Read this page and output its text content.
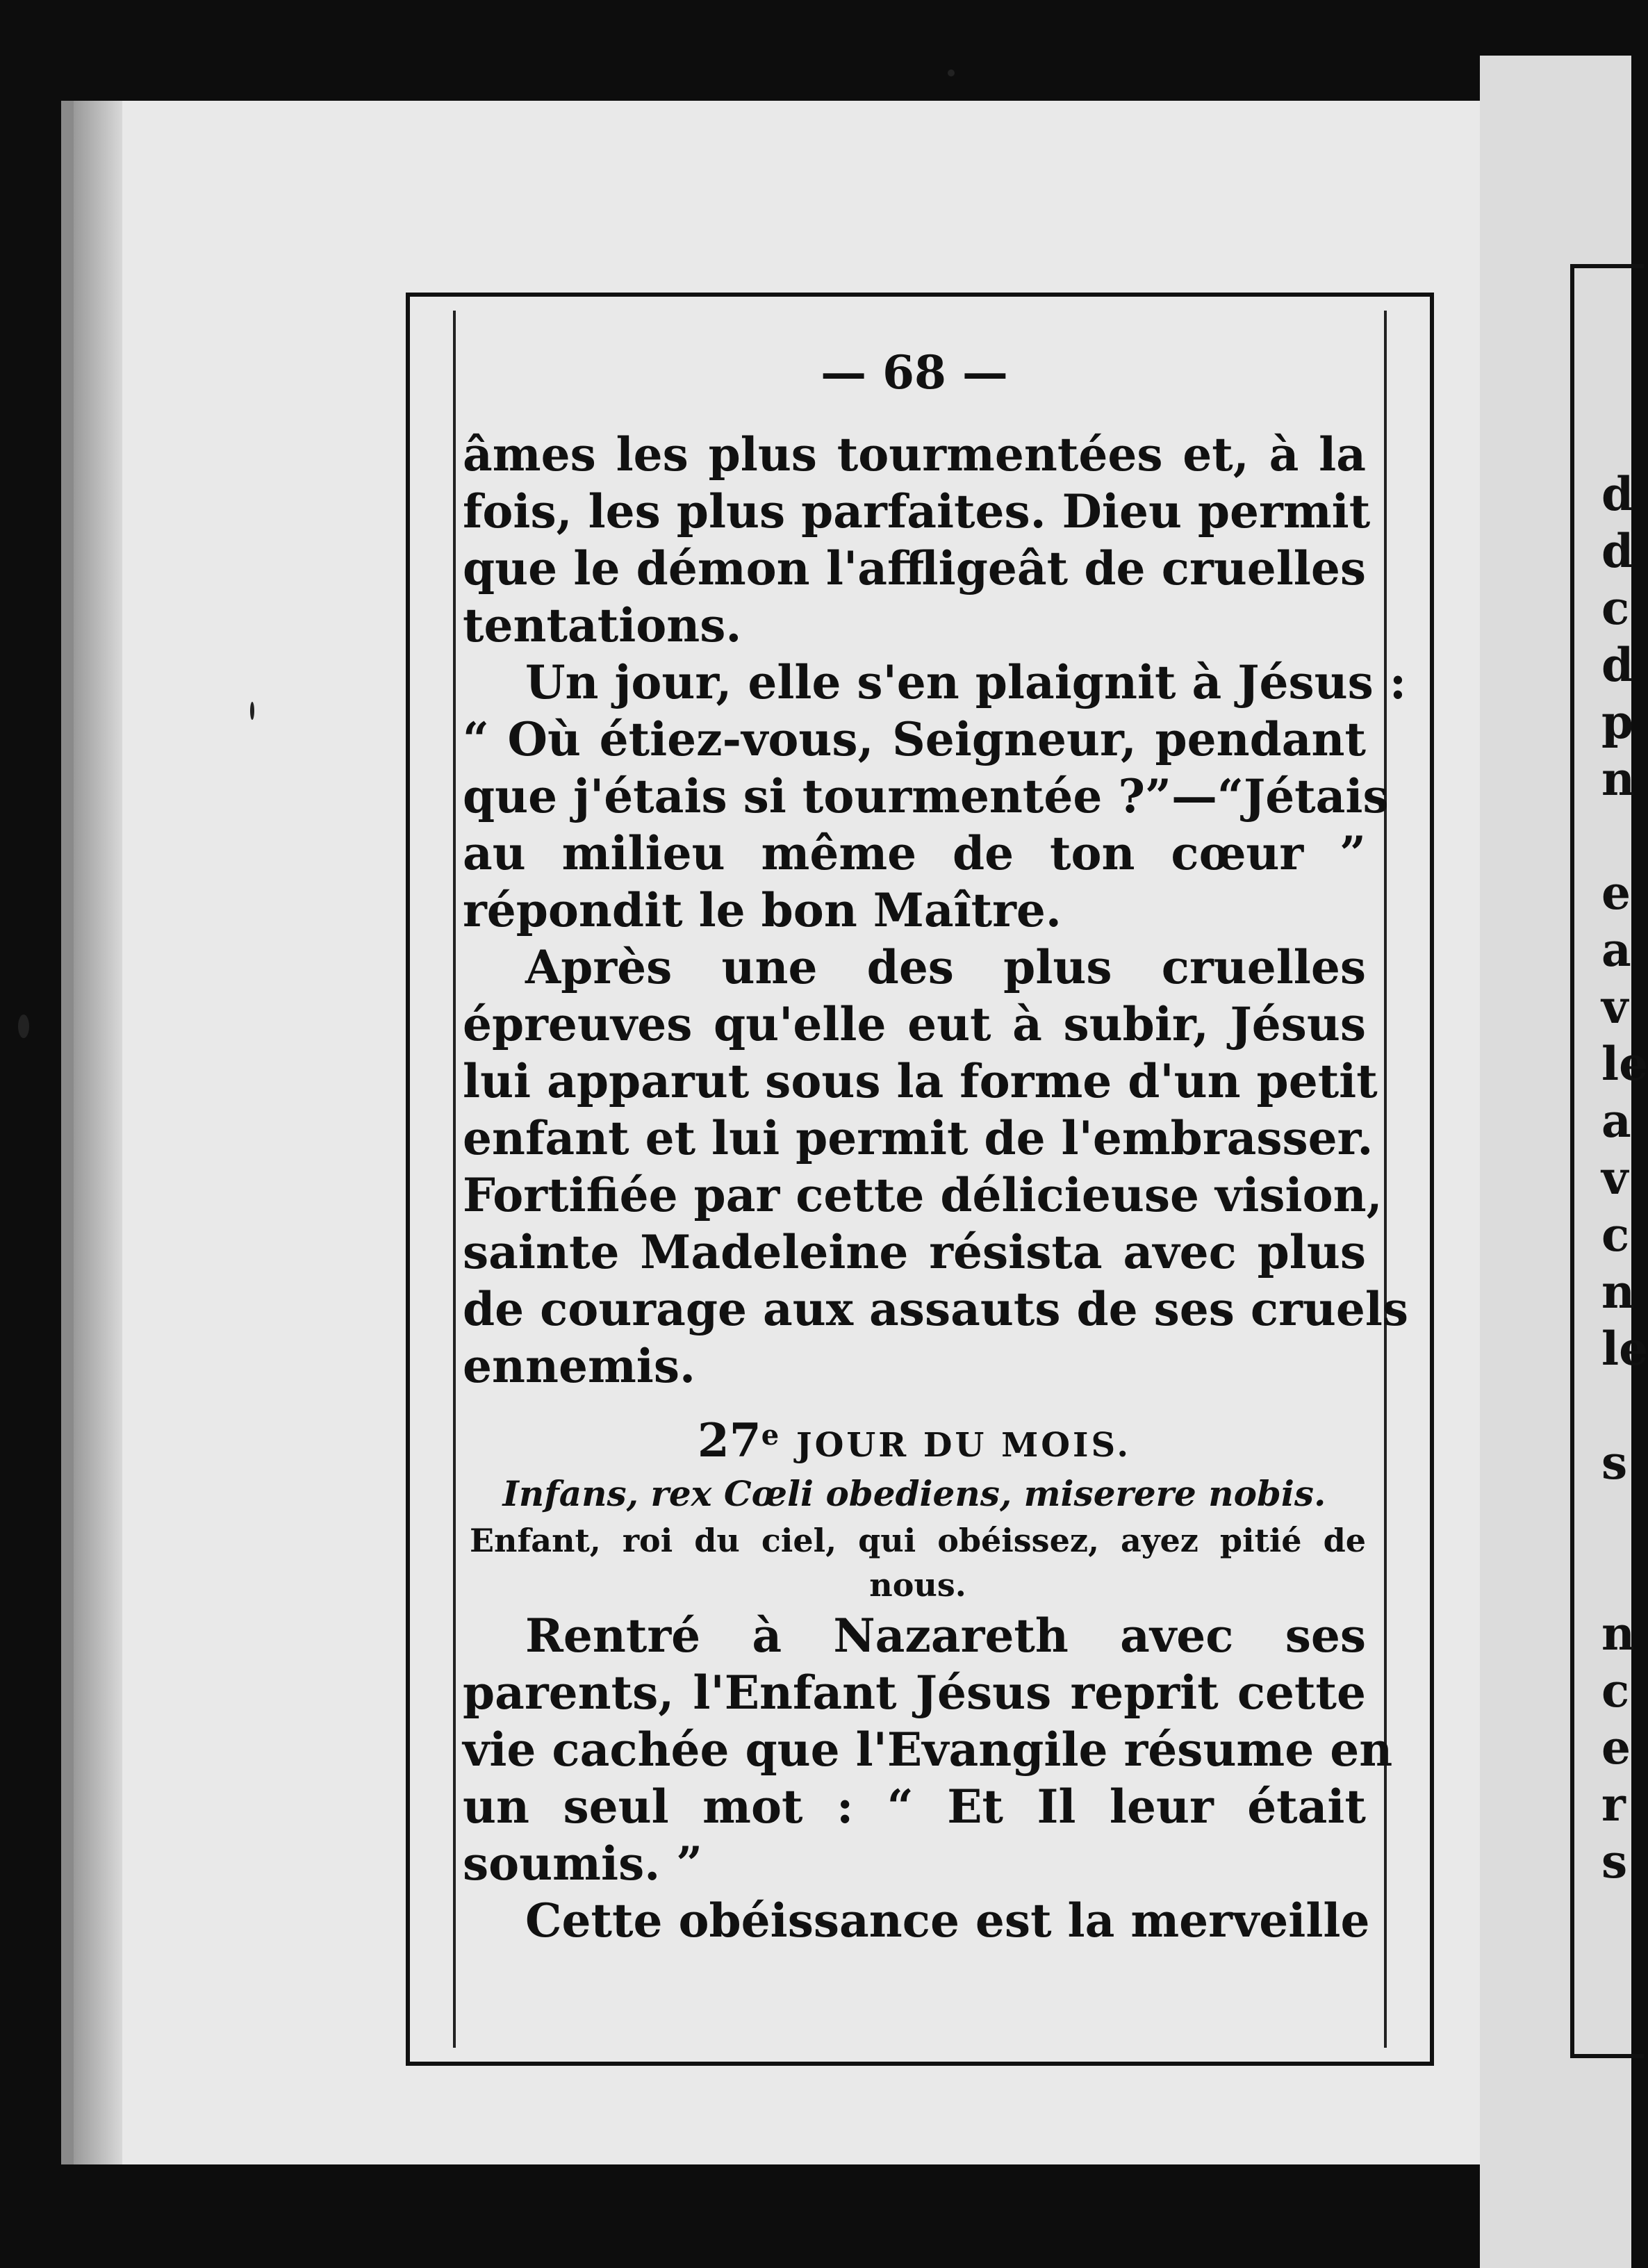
— 68 —
âmes les plus tourmentées et, à la
fois, les plus parfaites. Dieu permit
que le démon l'affligeât de cruelles
tentations.
Un jour, elle s'en plaignit à Jésus :
“ Où étiez-vous, Seigneur, pendant
que j'étais si tourmentée ?”—“Jétais
au milieu même de ton cœur ”
répondit le bon Maître.
Après une des plus cruelles
épreuves qu'elle eut à subir, Jésus
lui apparut sous la forme d'un petit
enfant et lui permit de l'embrasser.
Fortifiée par cette délicieuse vision,
sainte Madeleine résista avec plus
de courage aux assauts de ses cruels
ennemis.
27e JOUR DU MOIS.
Infans, rex Cœli obediens, miserere nobis.
Enfant, roi du ciel, qui obéissez, ayez pitié de
nous.
Rentré à Nazareth avec ses
parents, l'Enfant Jésus reprit cette
vie cachée que l'Evangile résume en
un seul mot : “ Et Il leur était
soumis. ”
Cette obéissance est la merveille
d
d
c
d
p
n

e
a
v
le
a
v
c
n
le

s

n
c
e
r
s
